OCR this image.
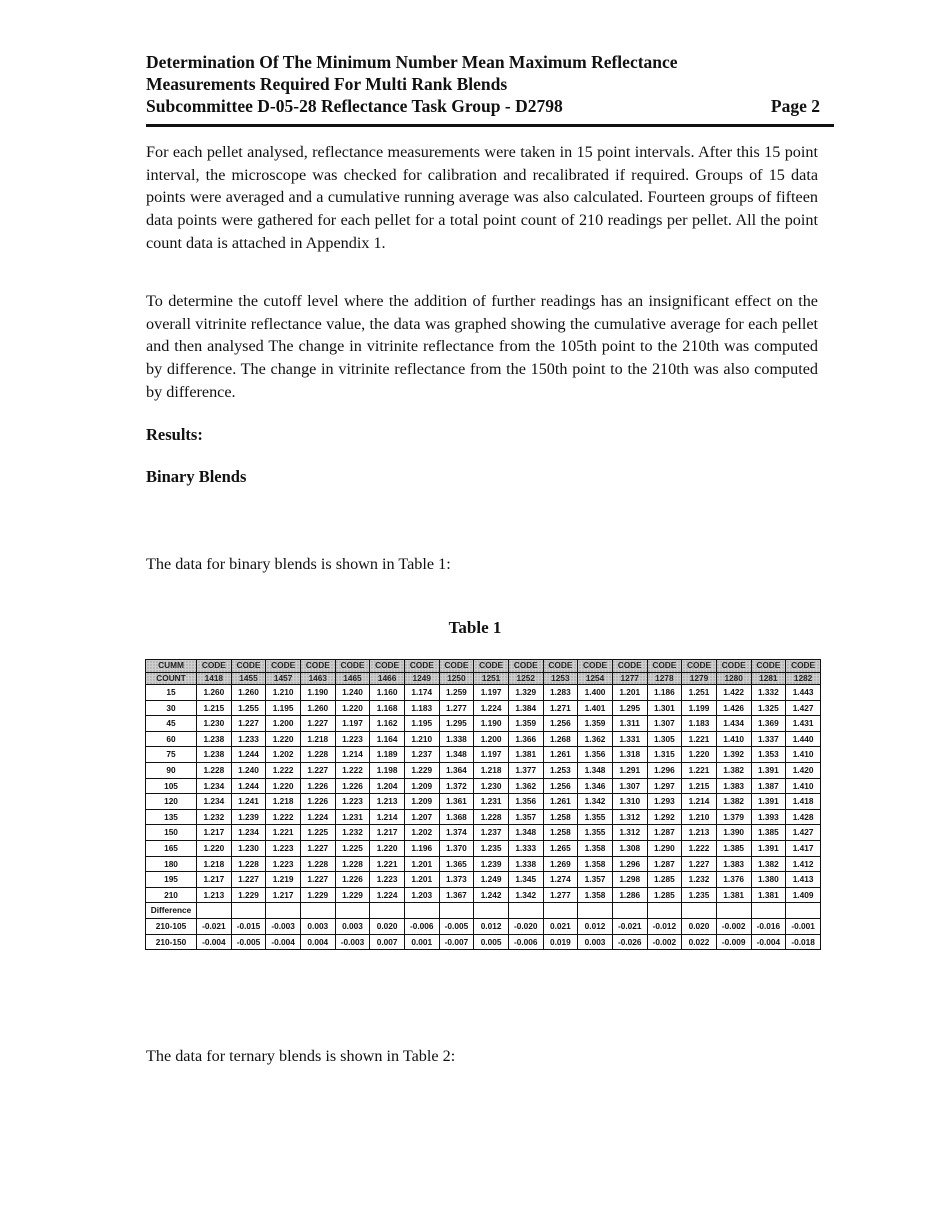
Determination Of The Minimum Number Mean Maximum Reflectance
Measurements Required For Multi Rank Blends
Subcommittee D-05-28 Reflectance Task Group - D2798	Page 2

For each pellet analysed, reflectance measurements were taken in 15 point intervals. After this 15 point interval, the microscope was checked for calibration and recalibrated if required. Groups of 15 data points were averaged and a cumulative running average was also calculated. Fourteen groups of fifteen data points were gathered for each pellet for a total point count of 210 readings per pellet. All the point count data is attached in Appendix 1.

To determine the cutoff level where the addition of further readings has an insignificant effect on the overall vitrinite reflectance value, the data was graphed showing the cumulative average for each pellet and then analysed The change in vitrinite reflectance from the 105th point to the 210th was computed by difference. The change in vitrinite reflectance from the 150th point to the 210th was also computed by difference.

Results:

Binary Blends

The data for binary blends is shown in Table 1:

Table 1

CUMM	CODE	CODE	CODE	CODE	CODE	CODE	CODE	CODE	CODE	CODE	CODE	CODE	CODE	CODE	CODE	CODE	CODE	CODE
COUNT	1418	1455	1457	1463	1465	1466	1249	1250	1251	1252	1253	1254	1277	1278	1279	1280	1281	1282
15	1.260	1.260	1.210	1.190	1.240	1.160	1.174	1.259	1.197	1.329	1.283	1.400	1.201	1.186	1.251	1.422	1.332	1.443
30	1.215	1.255	1.195	1.260	1.220	1.168	1.183	1.277	1.224	1.384	1.271	1.401	1.295	1.301	1.199	1.426	1.325	1.427
45	1.230	1.227	1.200	1.227	1.197	1.162	1.195	1.295	1.190	1.359	1.256	1.359	1.311	1.307	1.183	1.434	1.369	1.431
60	1.238	1.233	1.220	1.218	1.223	1.164	1.210	1.338	1.200	1.366	1.268	1.362	1.331	1.305	1.221	1.410	1.337	1.440
75	1.238	1.244	1.202	1.228	1.214	1.189	1.237	1.348	1.197	1.381	1.261	1.356	1.318	1.315	1.220	1.392	1.353	1.410
90	1.228	1.240	1.222	1.227	1.222	1.198	1.229	1.364	1.218	1.377	1.253	1.348	1.291	1.296	1.221	1.382	1.391	1.420
105	1.234	1.244	1.220	1.226	1.226	1.204	1.209	1.372	1.230	1.362	1.256	1.346	1.307	1.297	1.215	1.383	1.387	1.410
120	1.234	1.241	1.218	1.226	1.223	1.213	1.209	1.361	1.231	1.356	1.261	1.342	1.310	1.293	1.214	1.382	1.391	1.418
135	1.232	1.239	1.222	1.224	1.231	1.214	1.207	1.368	1.228	1.357	1.258	1.355	1.312	1.292	1.210	1.379	1.393	1.428
150	1.217	1.234	1.221	1.225	1.232	1.217	1.202	1.374	1.237	1.348	1.258	1.355	1.312	1.287	1.213	1.390	1.385	1.427
165	1.220	1.230	1.223	1.227	1.225	1.220	1.196	1.370	1.235	1.333	1.265	1.358	1.308	1.290	1.222	1.385	1.391	1.417
180	1.218	1.228	1.223	1.228	1.228	1.221	1.201	1.365	1.239	1.338	1.269	1.358	1.296	1.287	1.227	1.383	1.382	1.412
195	1.217	1.227	1.219	1.227	1.226	1.223	1.201	1.373	1.249	1.345	1.274	1.357	1.298	1.285	1.232	1.376	1.380	1.413
210	1.213	1.229	1.217	1.229	1.229	1.224	1.203	1.367	1.242	1.342	1.277	1.358	1.286	1.285	1.235	1.381	1.381	1.409
Difference																		
210-105	-0.021	-0.015	-0.003	0.003	0.003	0.020	-0.006	-0.005	0.012	-0.020	0.021	0.012	-0.021	-0.012	0.020	-0.002	-0.016	-0.001
210-150	-0.004	-0.005	-0.004	0.004	-0.003	0.007	0.001	-0.007	0.005	-0.006	0.019	0.003	-0.026	-0.002	0.022	-0.009	-0.004	-0.018

The data for ternary blends is shown in Table 2:
